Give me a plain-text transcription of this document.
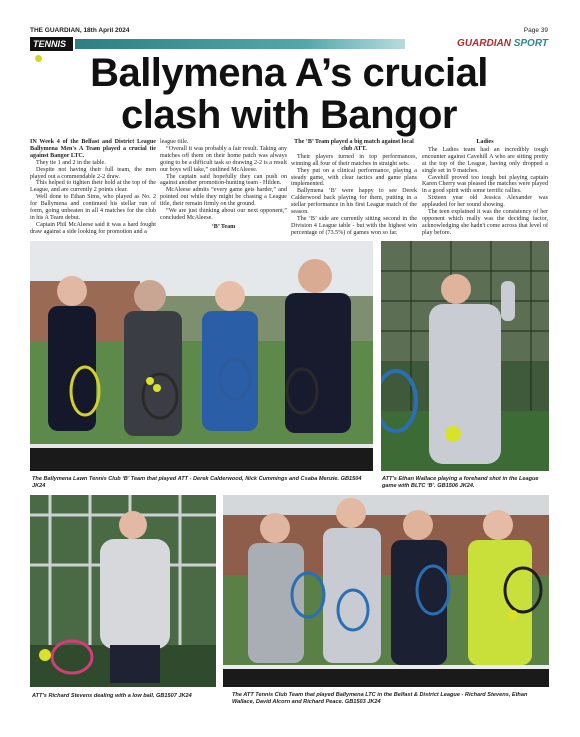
THE GUARDIAN, 18th April 2024	Page 39
TENNIS	GUARDIAN SPORT
Ballymena A’s crucial
clash with Bangor

IN Week 4 of the Belfast and District League Ballymena Men's A Team played a crucial tie against Bangor LTC.

They tie 1 and 2 in the table.

Despite not having their full team, the men played out a commendable 2-2 draw.

This helped to tighten their hold at the top of the League, and are currently 2 points clear.

Well done to Ethan Sims, who played as No. 2 for Ballymena and continued his stellar run of form, going unbeaten in all 4 matches for the club in his A Team debut.

Captain Phil McAleese said it was a hard fought draw against a side looking for promotion and a

league title.

“Overall it was probably a fair result. Taking any matches off them on their home patch was always going to be a difficult task so drawing 2-2 is a result our boys will take,” outlined McAleese.

The captain said hopefully they can push on against another promotion-hunting team - Hilden.

McAleese admits “every game gets harder,” and pointed out while they might be chasing a League title, their remain firmly on the ground.

“We are just thinking about our next opponent,” concluded McAleese.

‘B’ Team

The ‘B’ Team played a big match against local club ATT.

Their players turned in top performances, winning all four of their matches in straight sets.

They put on a clinical performance, playing a steady game, with clear tactics and game plans implemented.

Ballymena ‘B’ were happy to see Derek Calderwood back playing for them, putting in a stellar performance in his first League match of the season.

The ‘B’ side are currently sitting second in the Division 4 League table - but with the highest win percentage of (73.5%) of games won so far.

Ladies

The Ladies team had an incredibly tough encounter against Cavehill A who are sitting pretty at the top of the League, having only dropped a single set in 9 matches.

Cavehill proved too tough but playing captain Karen Cherry was pleased the matches were played in a good spirit with some terrific rallies.

Sixteen year old Jessica Alexander was applauded for her sound showing.

The teen explained it was the consistency of her opponent which really was the deciding factor, acknowledging she hadn't come across that level of play before.

The Ballymena Lawn Tennis Club ‘B’ Team that played ATT - Derek Calderwood, Nick Cummings and Csaba Menzie. GB1504 JK24
ATT's Ethan Wallace playing a forehand shot in the League game with BLTC ‘B’. GB1506 JK24.
ATT's Richard Stevens dealing with a low ball. GB1507 JK24	The ATT Tennis Club Team that played Ballymena LTC in the Belfast & District League - Richard Stevens, Ethan Wallace, David Alcorn and Richard Peace. GB1503 JK24
